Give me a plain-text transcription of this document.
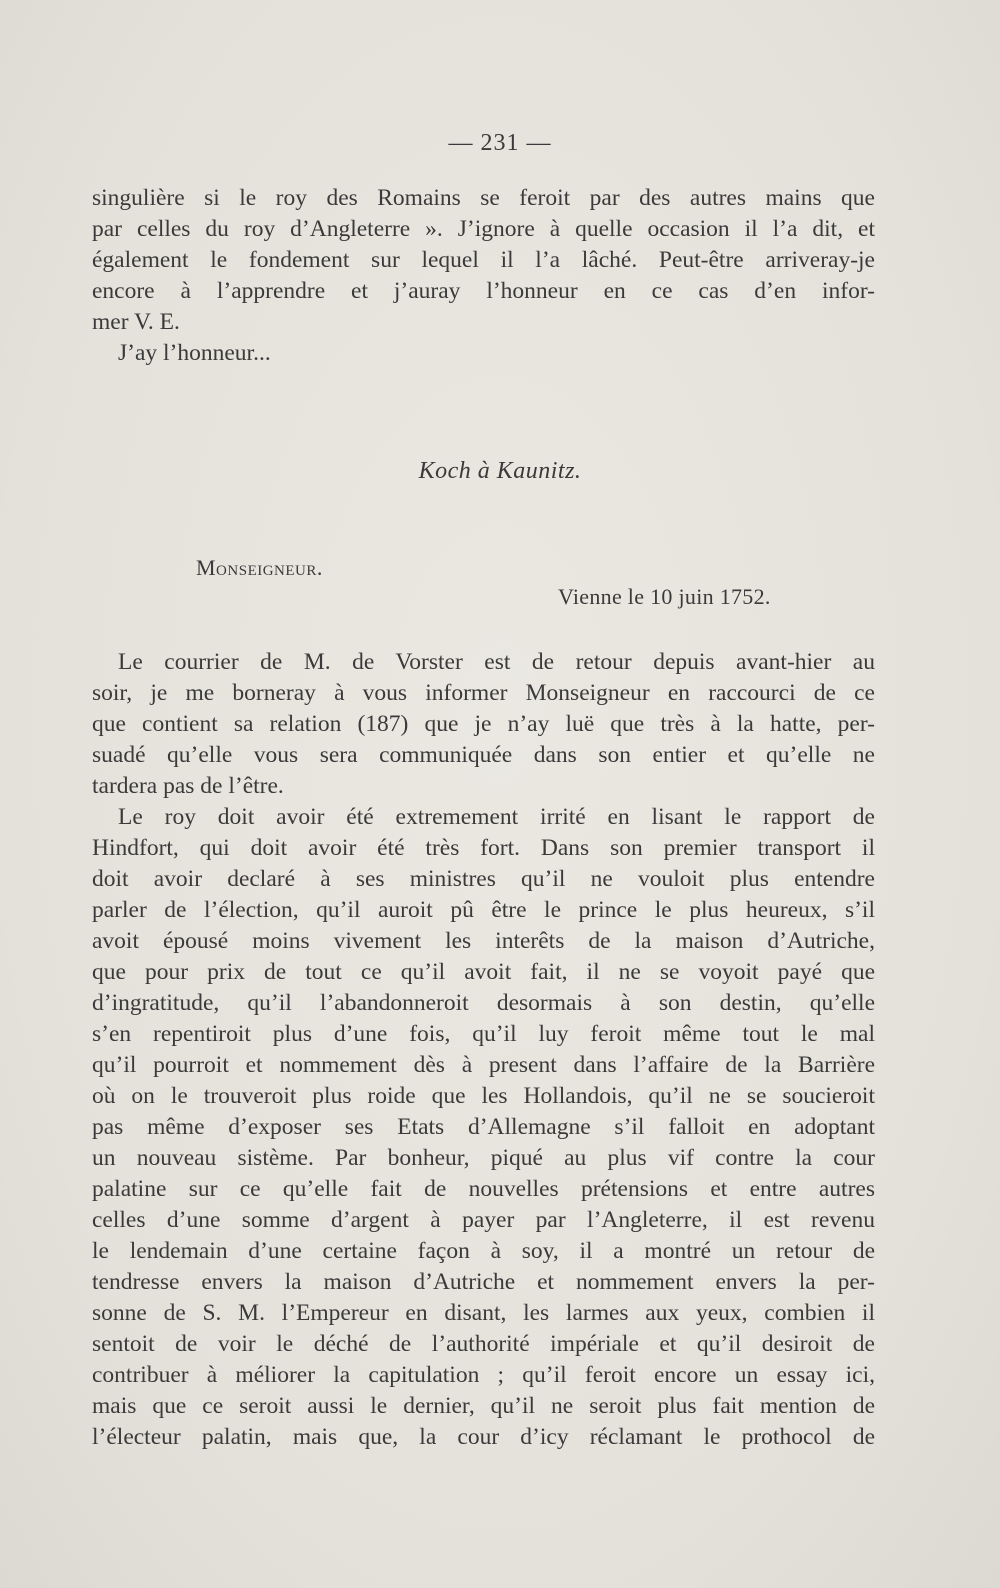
— 231 —
singulière si le roy des Romains se feroit par des autres mains que
par celles du roy d’Angleterre ». J’ignore à quelle occasion il l’a dit, et
également le fondement sur lequel il l’a lâché. Peut-être arriveray-je
encore à l’apprendre et j’auray l’honneur en ce cas d’en infor-
mer V. E.
J’ay l’honneur...
Koch à Kaunitz.
Monseigneur.
Vienne le 10 juin 1752.
Le courrier de M. de Vorster est de retour depuis avant-hier au
soir, je me borneray à vous informer Monseigneur en raccourci de ce
que contient sa relation (187) que je n’ay luë que très à la hatte, per-
suadé qu’elle vous sera communiquée dans son entier et qu’elle ne
tardera pas de l’être.
Le roy doit avoir été extremement irrité en lisant le rapport de
Hindfort, qui doit avoir été très fort. Dans son premier transport il
doit avoir declaré à ses ministres qu’il ne vouloit plus entendre
parler de l’élection, qu’il auroit pû être le prince le plus heureux, s’il
avoit épousé moins vivement les interêts de la maison d’Autriche,
que pour prix de tout ce qu’il avoit fait, il ne se voyoit payé que
d’ingratitude, qu’il l’abandonneroit desormais à son destin, qu’elle
s’en repentiroit plus d’une fois, qu’il luy feroit même tout le mal
qu’il pourroit et nommement dès à present dans l’affaire de la Barrière
où on le trouveroit plus roide que les Hollandois, qu’il ne se soucieroit
pas même d’exposer ses Etats d’Allemagne s’il falloit en adoptant
un nouveau sistème. Par bonheur, piqué au plus vif contre la cour
palatine sur ce qu’elle fait de nouvelles prétensions et entre autres
celles d’une somme d’argent à payer par l’Angleterre, il est revenu
le lendemain d’une certaine façon à soy, il a montré un retour de
tendresse envers la maison d’Autriche et nommement envers la per-
sonne de S. M. l’Empereur en disant, les larmes aux yeux, combien il
sentoit de voir le déché de l’authorité impériale et qu’il desiroit de
contribuer à méliorer la capitulation ; qu’il feroit encore un essay ici,
mais que ce seroit aussi le dernier, qu’il ne seroit plus fait mention de
l’électeur palatin, mais que, la cour d’icy réclamant le prothocol de
